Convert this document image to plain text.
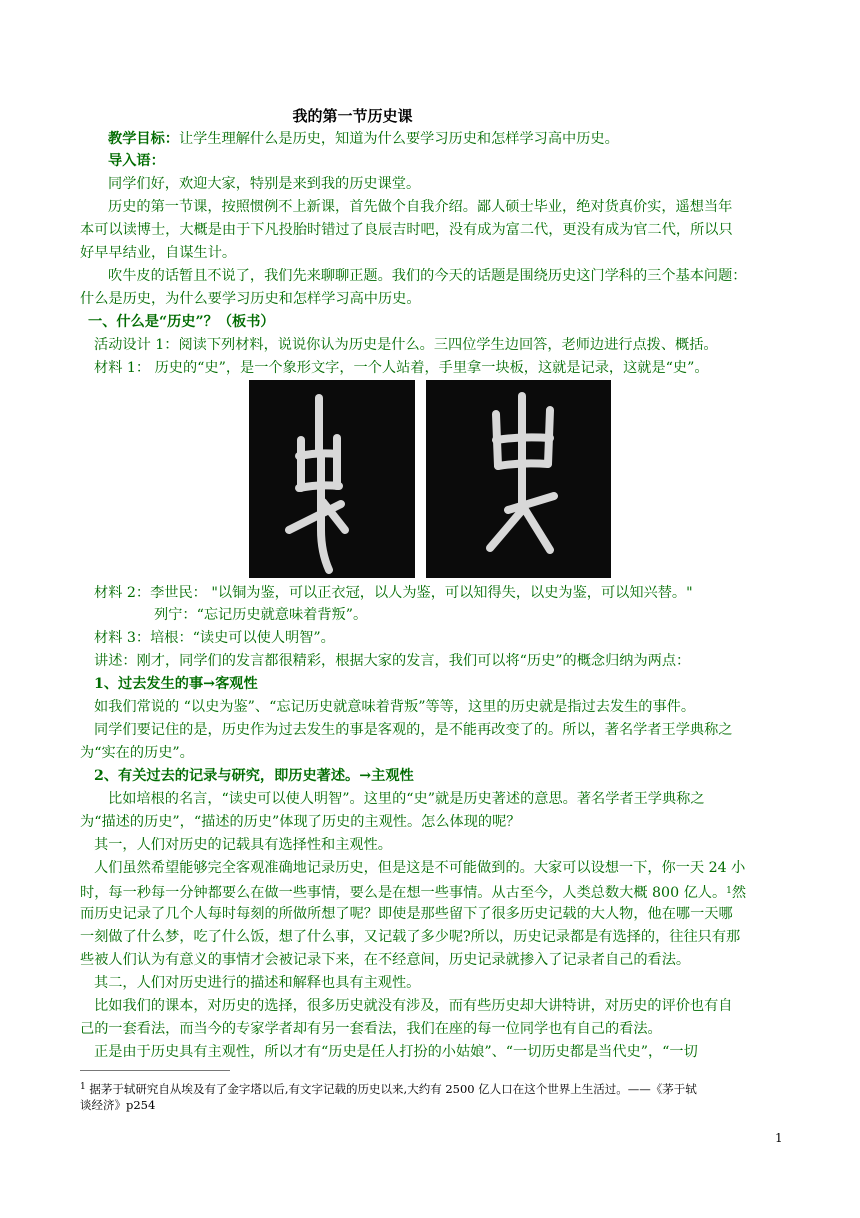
我的第一节历史课
教学目标：让学生理解什么是历史，知道为什么要学习历史和怎样学习高中历史。
导入语：
同学们好，欢迎大家，特别是来到我的历史课堂。
历史的第一节课，按照惯例不上新课，首先做个自我介绍。鄙人硕士毕业，绝对货真价实，遥想当年
本可以读博士，大概是由于下凡投胎时错过了良辰吉时吧，没有成为富二代，更没有成为官二代，所以只
好早早结业，自谋生计。
吹牛皮的话暂且不说了，我们先来聊聊正题。我们的今天的话题是围绕历史这门学科的三个基本问题：
什么是历史，为什么要学习历史和怎样学习高中历史。
一、什么是“历史”？（板书）
活动设计 1：阅读下列材料，说说你认为历史是什么。三四位学生边回答，老师边进行点拨、概括。
材料 1： 历史的“史”，是一个象形文字，一个人站着，手里拿一块板，这就是记录，这就是“史”。
材料 2：李世民： "以铜为鉴，可以正衣冠，以人为鉴，可以知得失，以史为鉴，可以知兴替。"
列宁：“忘记历史就意味着背叛”。
材料 3：培根：“读史可以使人明智”。
讲述：刚才，同学们的发言都很精彩，根据大家的发言，我们可以将“历史”的概念归纳为两点：
1、过去发生的事→客观性
如我们常说的 “以史为鉴”、“忘记历史就意味着背叛”等等，这里的历史就是指过去发生的事件。
同学们要记住的是，历史作为过去发生的事是客观的，是不能再改变了的。所以，著名学者王学典称之
为“实在的历史”。
2、有关过去的记录与研究，即历史著述。→主观性
比如培根的名言，“读史可以使人明智”。这里的“史”就是历史著述的意思。著名学者王学典称之
为“描述的历史”，“描述的历史”体现了历史的主观性。怎么体现的呢？
其一，人们对历史的记载具有选择性和主观性。
人们虽然希望能够完全客观准确地记录历史，但是这是不可能做到的。大家可以设想一下，你一天 24 小
时，每一秒每一分钟都要么在做一些事情，要么是在想一些事情。从古至今，人类总数大概 800 亿人。$^1$然
而历史记录了几个人每时每刻的所做所想了呢？即使是那些留下了很多历史记载的大人物，他在哪一天哪
一刻做了什么梦，吃了什么饭，想了什么事，又记载了多少呢?所以，历史记录都是有选择的，往往只有那
些被人们认为有意义的事情才会被记录下来，在不经意间，历史记录就掺入了记录者自己的看法。
其二，人们对历史进行的描述和解释也具有主观性。
比如我们的课本，对历史的选择，很多历史就没有涉及，而有些历史却大讲特讲，对历史的评价也有自
己的一套看法，而当今的专家学者却有另一套看法，我们在座的每一位同学也有自己的看法。
正是由于历史具有主观性，所以才有“历史是任人打扮的小姑娘”、“一切历史都是当代史”，“一切
$^1$ 据茅于轼研究自从埃及有了金字塔以后,有文字记载的历史以来,大约有 2500 亿人口在这个世界上生活过。——《茅于轼
谈经济》p254
1
